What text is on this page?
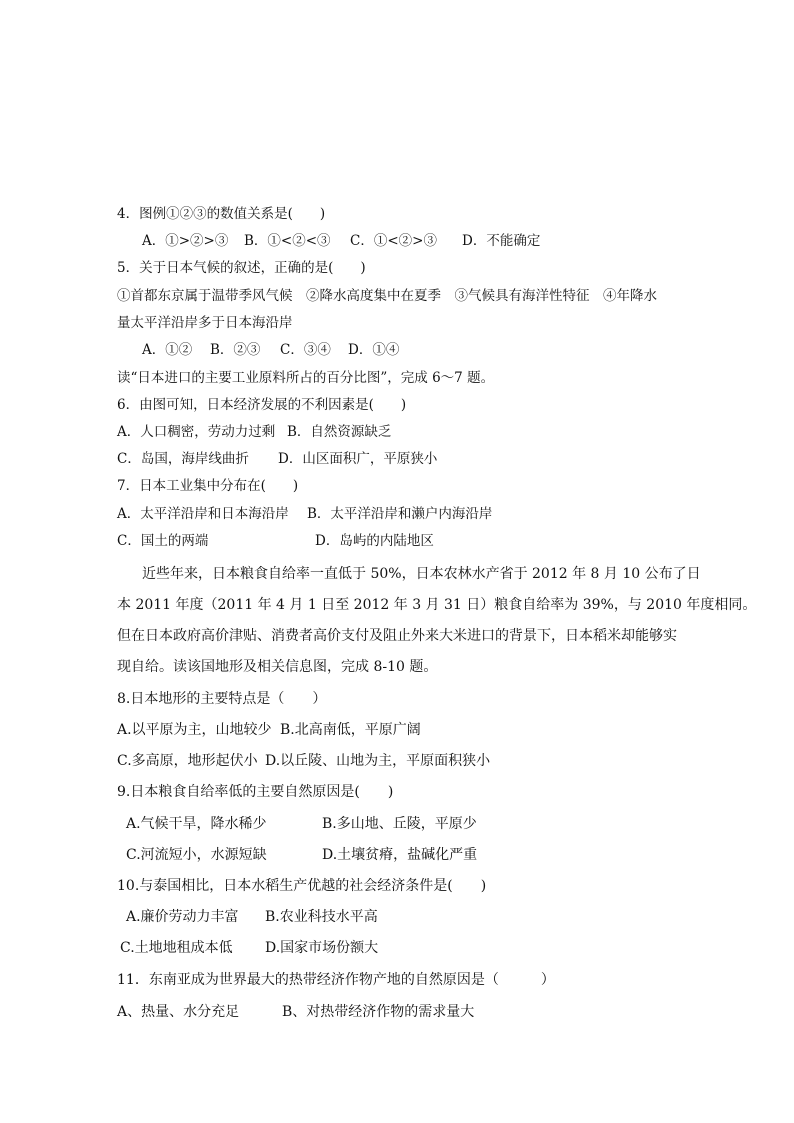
4．图例①②③的数值关系是(　　)
A．①>②>③ B．①<②<③ C．①<②>③ D．不能确定
5．关于日本气候的叙述，正确的是(　　)
①首都东京属于温带季风气候　②降水高度集中在夏季　③气候具有海洋性特征　④年降水
量太平洋沿岸多于日本海沿岸
A．①② B．②③ C．③④ D．①④
读“日本进口的主要工业原料所占的百分比图”，完成 6～7 题。
6．由图可知，日本经济发展的不利因素是(　　)
A．人口稠密，劳动力过剩 B．自然资源缺乏
C．岛国，海岸线曲折 D．山区面积广，平原狭小
7．日本工业集中分布在(　　)
A．太平洋沿岸和日本海沿岸 B．太平洋沿岸和濑户内海沿岸
C．国土的两端	D．岛屿的内陆地区
近些年来，日本粮食自给率一直低于 50%，日本农林水产省于 2012 年 8 月 10 公布了日
本 2011 年度（2011 年 4 月 1 日至 2012 年 3 月 31 日）粮食自给率为 39%，与 2010 年度相同。
但在日本政府高价津贴、消费者高价支付及阻止外来大米进口的背景下，日本稻米却能够实
现自给。读该国地形及相关信息图，完成 8-10 题。
8.日本地形的主要特点是（　　）
A.以平原为主，山地较少 B.北高南低，平原广阔
C.多高原，地形起伏小 D.以丘陵、山地为主，平原面积狭小
9.日本粮食自给率低的主要自然原因是(　　)
A.气候干旱，降水稀少	B.多山地、丘陵，平原少
C.河流短小，水源短缺	D.土壤贫瘠，盐碱化严重
10.与泰国相比，日本水稻生产优越的社会经济条件是(　　)
A.廉价劳动力丰富 B.农业科技水平高
C.土地地租成本低 D.国家市场份额大
11．东南亚成为世界最大的热带经济作物产地的自然原因是（　　　）
A、热量、水分充足	B、对热带经济作物的需求量大
